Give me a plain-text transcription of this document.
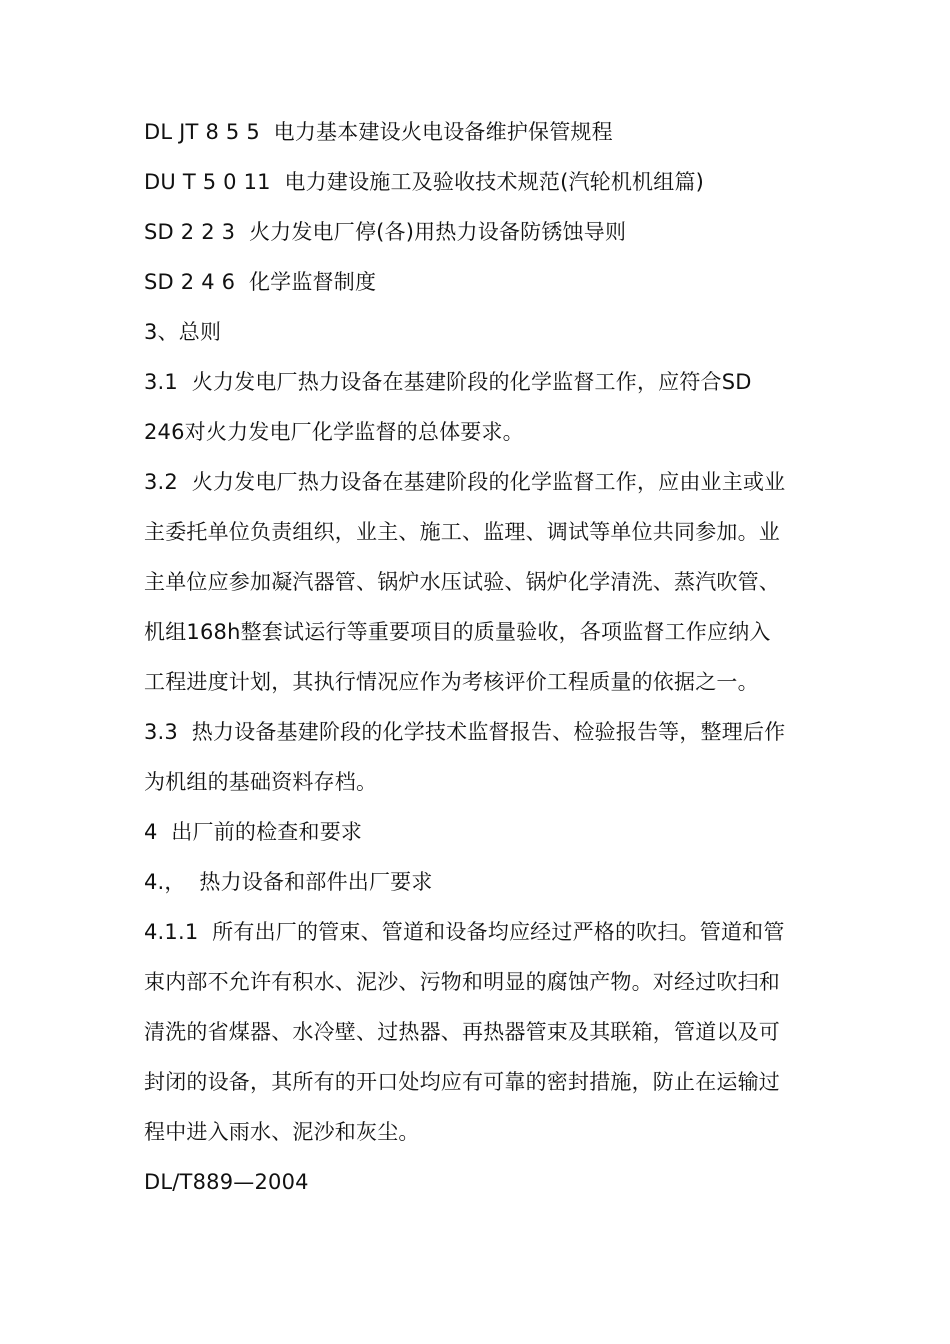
DL JT 8 5 5  电力基本建设火电设备维护保管规程
DU T 5 0 11  电力建设施工及验收技术规范(汽轮机机组篇)
SD 2 2 3  火力发电厂停(各)用热力设备防锈蚀导则
SD 2 4 6  化学监督制度
3、总则
3.1  火力发电厂热力设备在基建阶段的化学监督工作，应符合SD
246对火力发电厂化学监督的总体要求。
3.2  火力发电厂热力设备在基建阶段的化学监督工作，应由业主或业
主委托单位负责组织，业主、施工、监理、调试等单位共同参加。业
主单位应参加凝汽器管、锅炉水压试验、锅炉化学清洗、蒸汽吹管、
机组168h整套试运行等重要项目的质量验收，各项监督工作应纳入
工程进度计划，其执行情况应作为考核评价工程质量的依据之一。
3.3  热力设备基建阶段的化学技术监督报告、检验报告等，整理后作
为机组的基础资料存档。
4  出厂前的检查和要求
4.，  热力设备和部件出厂要求
4.1.1  所有出厂的管束、管道和设备均应经过严格的吹扫。管道和管
束内部不允许有积水、泥沙、污物和明显的腐蚀产物。对经过吹扫和
清洗的省煤器、水冷壁、过热器、再热器管束及其联箱，管道以及可
封闭的设备，其所有的开口处均应有可靠的密封措施，防止在运输过
程中进入雨水、泥沙和灰尘。
DL/T889—2004
